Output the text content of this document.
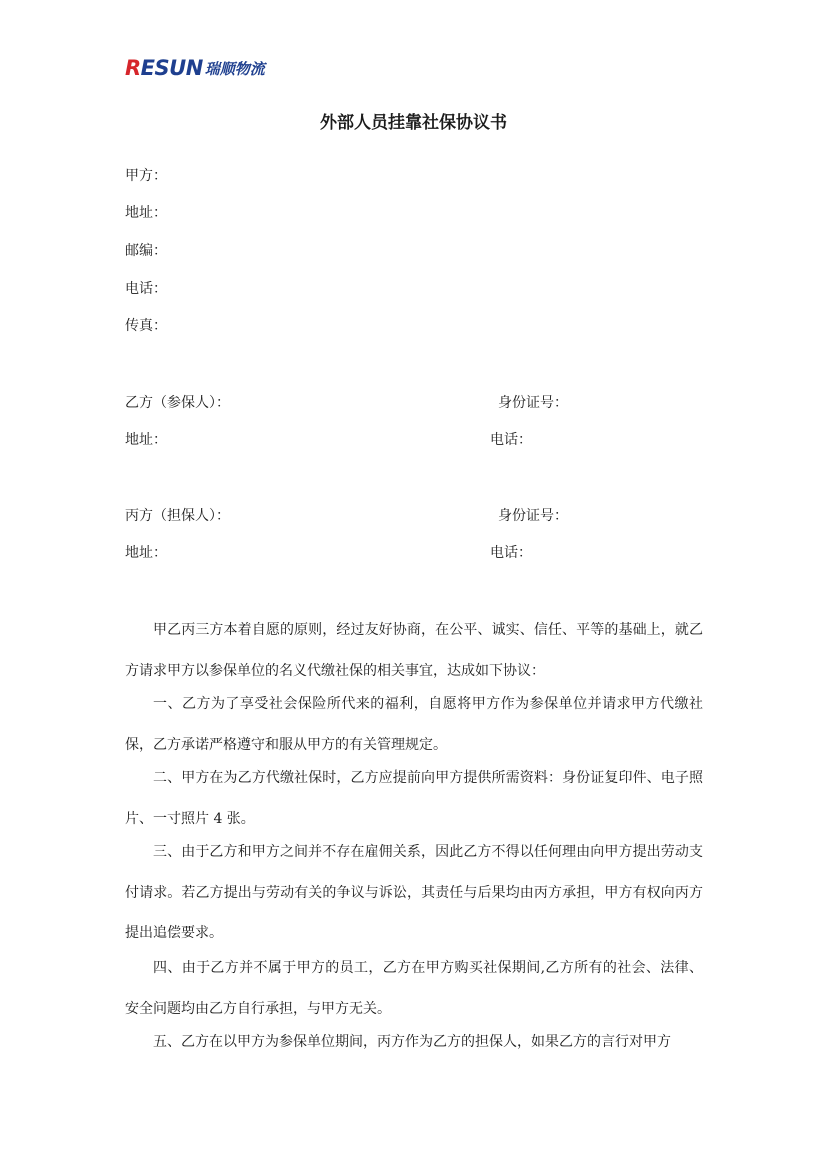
R ESUN 瑞顺物流
外部人员挂靠社保协议书
甲方：
地址：
邮编：
电话：
传真：
乙方（参保人）：	身份证号：
地址：	电话：
丙方（担保人）：	身份证号：
地址：	电话：
甲乙丙三方本着自愿的原则，经过友好协商，在公平、诚实、信任、平等的基础上，就乙方请求甲方以参保单位的名义代缴社保的相关事宜，达成如下协议：
一、乙方为了享受社会保险所代来的福利，自愿将甲方作为参保单位并请求甲方代缴社保，乙方承诺严格遵守和服从甲方的有关管理规定。
二、甲方在为乙方代缴社保时，乙方应提前向甲方提供所需资料：身份证复印件、电子照片、一寸照片 4 张。
三、由于乙方和甲方之间并不存在雇佣关系，因此乙方不得以任何理由向甲方提出劳动支付请求。若乙方提出与劳动有关的争议与诉讼，其责任与后果均由丙方承担，甲方有权向丙方提出追偿要求。
四、由于乙方并不属于甲方的员工，乙方在甲方购买社保期间,乙方所有的社会、法律、安全问题均由乙方自行承担，与甲方无关。
五、乙方在以甲方为参保单位期间，丙方作为乙方的担保人，如果乙方的言行对甲方
